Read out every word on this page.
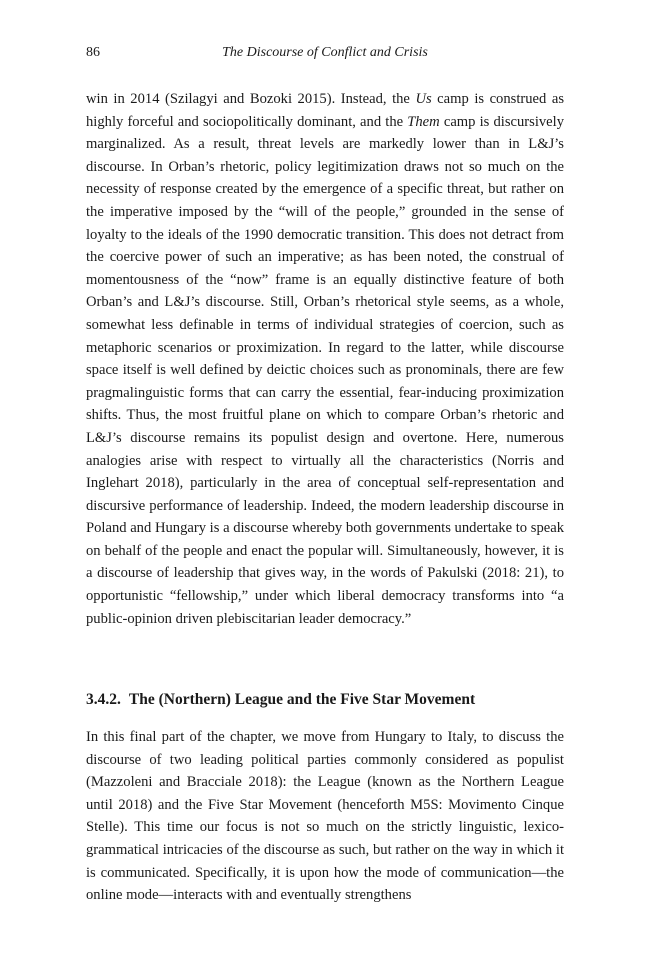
86	The Discourse of Conflict and Crisis

win in 2014 (Szilagyi and Bozoki 2015). Instead, the Us camp is construed as highly forceful and sociopolitically dominant, and the Them camp is discursively marginalized. As a result, threat levels are markedly lower than in L&J’s discourse. In Orban’s rhetoric, policy legitimization draws not so much on the necessity of response created by the emergence of a specific threat, but rather on the imperative imposed by the “will of the people,” grounded in the sense of loyalty to the ideals of the 1990 democratic transition. This does not detract from the coercive power of such an imperative; as has been noted, the construal of momentousness of the “now” frame is an equally distinctive feature of both Orban’s and L&J’s discourse. Still, Orban’s rhetorical style seems, as a whole, somewhat less definable in terms of individual strategies of coercion, such as metaphoric scenarios or proximization. In regard to the latter, while discourse space itself is well defined by deictic choices such as pronominals, there are few pragmalinguistic forms that can carry the essential, fear-inducing proximization shifts. Thus, the most fruitful plane on which to compare Orban’s rhetoric and L&J’s discourse remains its populist design and overtone. Here, numerous analogies arise with respect to virtually all the characteristics (Norris and Inglehart 2018), particularly in the area of conceptual self-representation and discursive performance of leadership. Indeed, the modern leadership discourse in Poland and Hungary is a discourse whereby both governments undertake to speak on behalf of the people and enact the popular will. Simultaneously, however, it is a discourse of leadership that gives way, in the words of Pakulski (2018: 21), to opportunistic “fellowship,” under which liberal democracy transforms into “a public-opinion driven plebiscitarian leader democracy.”

3.4.2. The (Northern) League and the Five Star Movement

In this final part of the chapter, we move from Hungary to Italy, to discuss the discourse of two leading political parties commonly considered as populist (Mazzoleni and Bracciale 2018): the League (known as the Northern League until 2018) and the Five Star Movement (henceforth M5S: Movimento Cinque Stelle). This time our focus is not so much on the strictly linguistic, lexico-grammatical intricacies of the discourse as such, but rather on the way in which it is communicated. Specifically, it is upon how the mode of communication—the online mode—interacts with and eventually strengthens
